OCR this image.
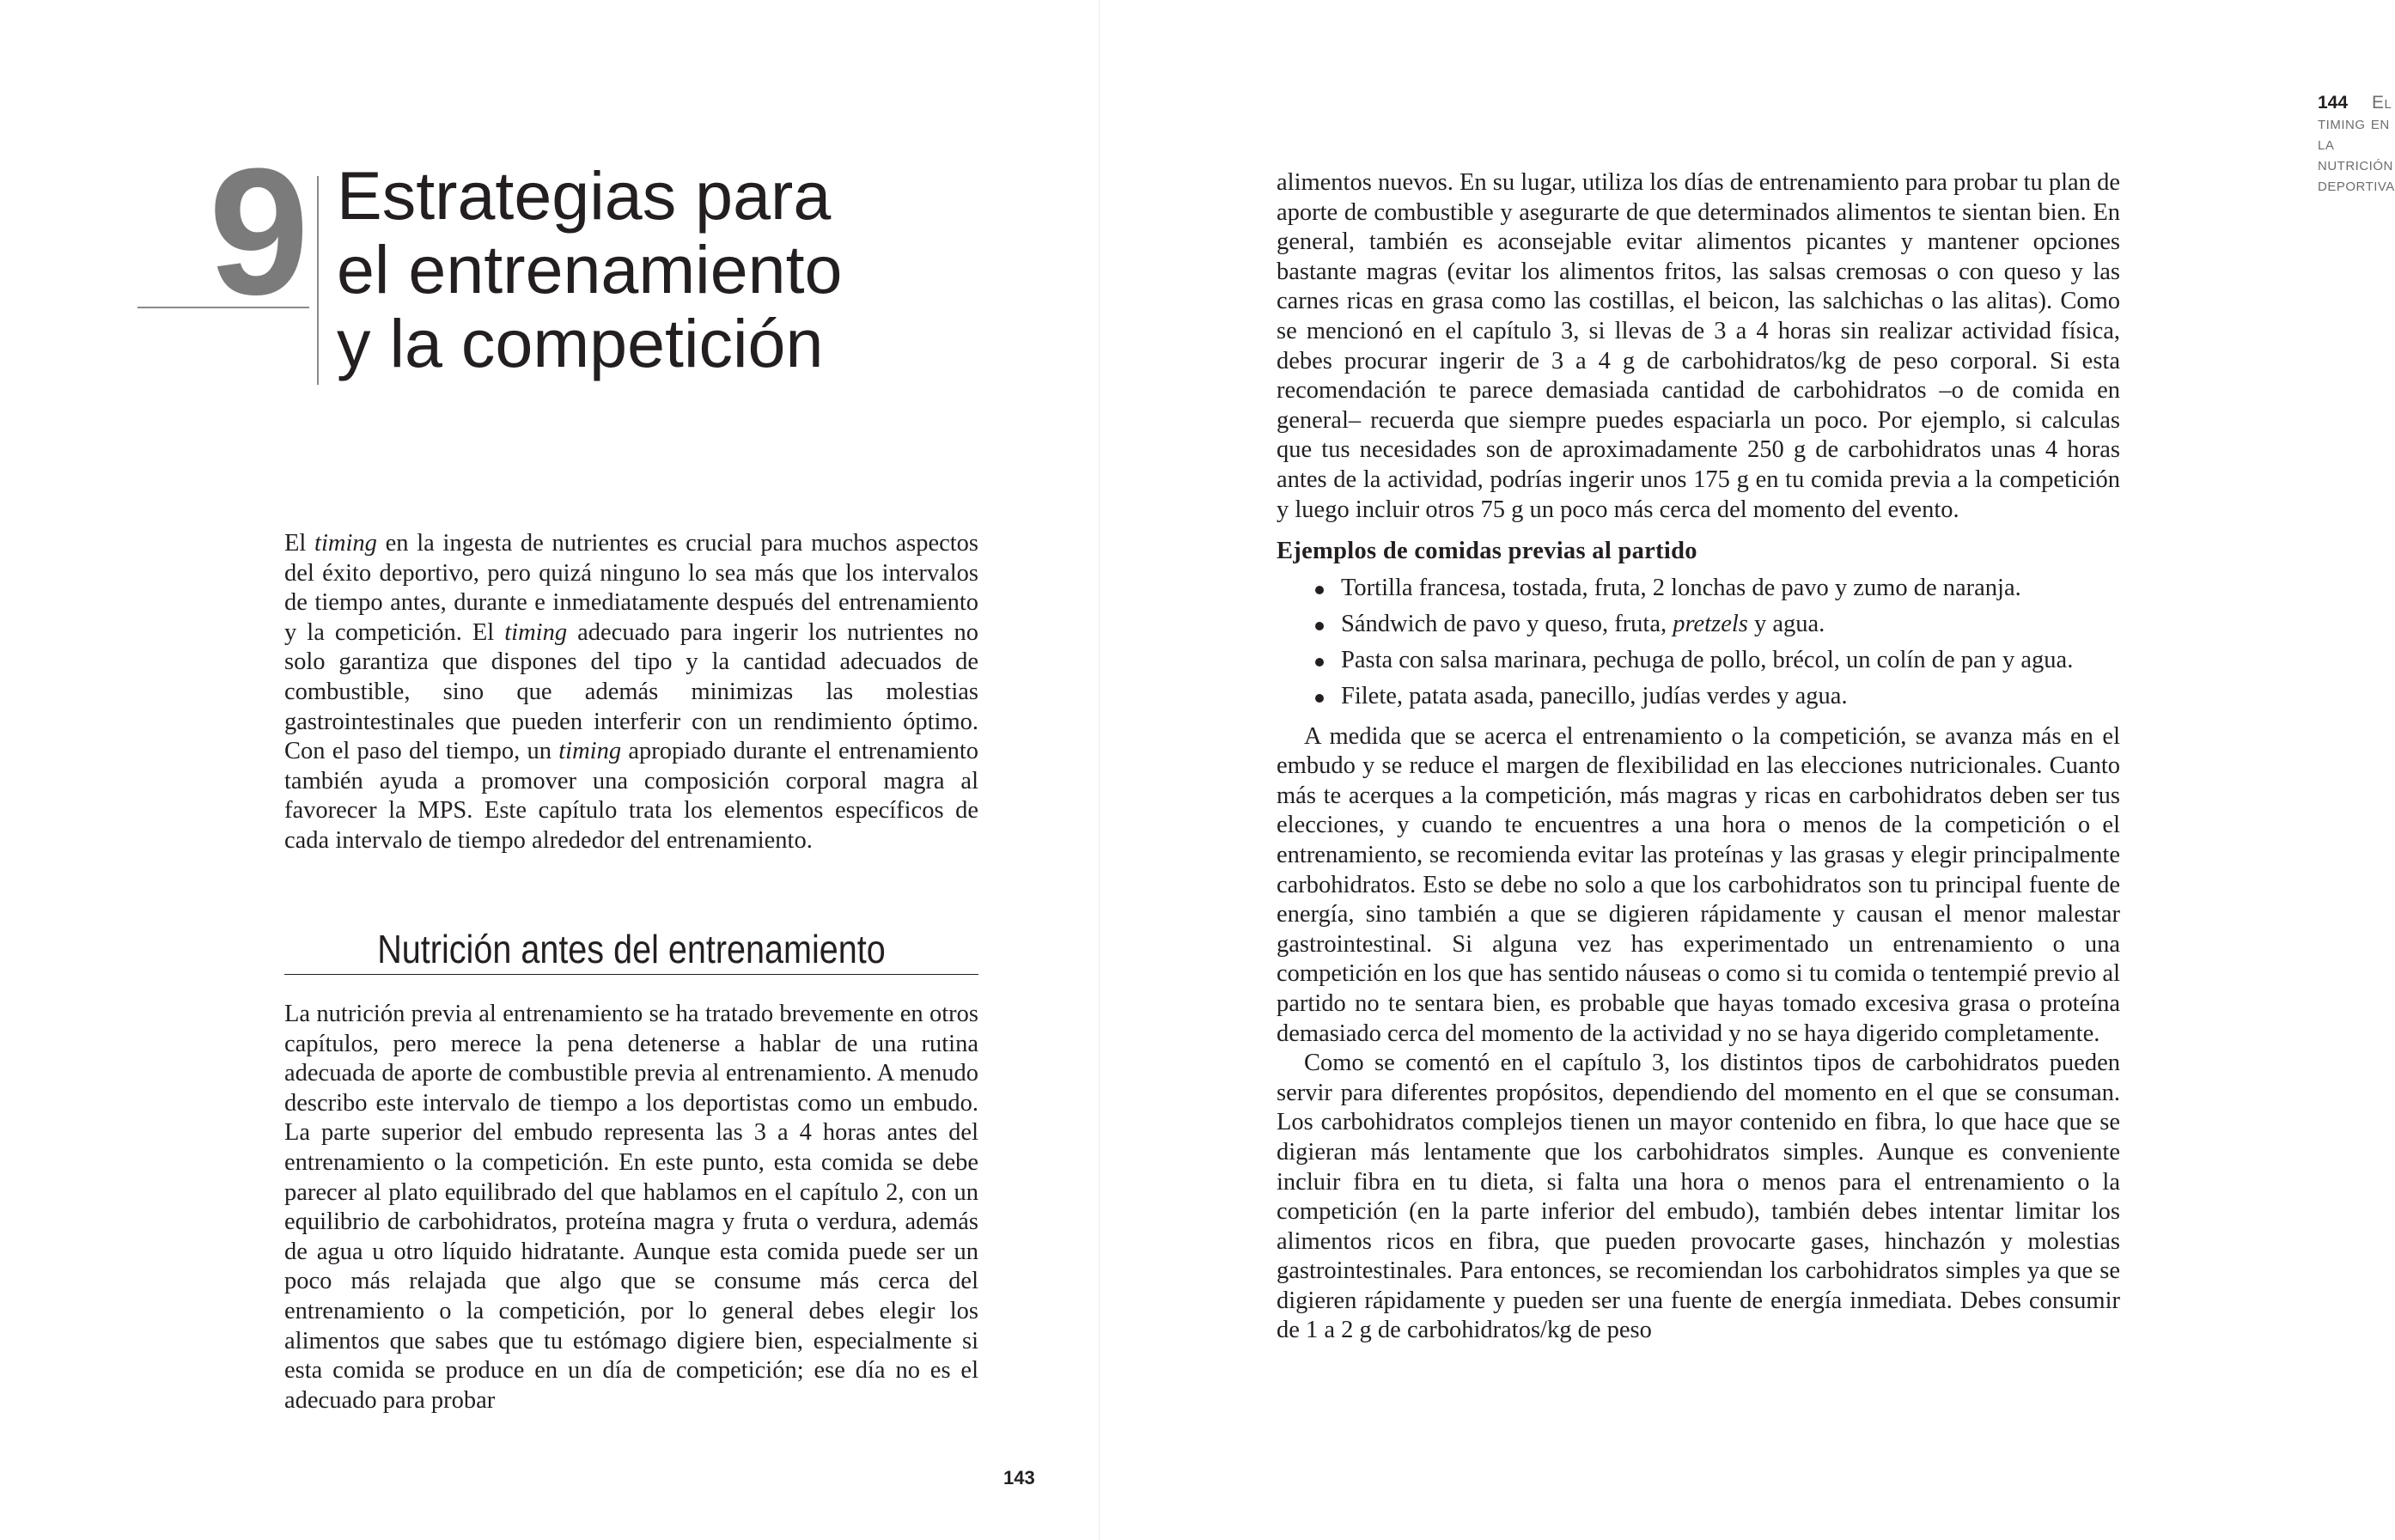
9 Estrategias para
el entrenamiento
y la competición

El timing en la ingesta de nutrientes es crucial para muchos aspectos del éxito deportivo, pero quizá ninguno lo sea más que los intervalos de tiempo antes, durante e inmediatamente después del entrenamiento y la competición. El timing adecuado para ingerir los nutrientes no solo garantiza que dispones del tipo y la cantidad adecuados de combustible, sino que además minimizas las molestias gastrointestinales que pueden interferir con un rendimiento óptimo. Con el paso del tiempo, un timing apropiado durante el entrenamiento también ayuda a promover una composición corporal magra al favorecer la MPS. Este capítulo trata los elementos específicos de cada intervalo de tiempo alrededor del entrenamiento.

Nutrición antes del entrenamiento

La nutrición previa al entrenamiento se ha tratado brevemente en otros capítulos, pero merece la pena detenerse a hablar de una rutina adecuada de aporte de combustible previa al entrenamiento. A menudo describo este intervalo de tiempo a los deportistas como un embudo. La parte superior del embudo representa las 3 a 4 horas antes del entrenamiento o la competición. En este punto, esta comida se debe parecer al plato equilibrado del que hablamos en el capítulo 2, con un equilibrio de carbohidratos, proteína magra y fruta o verdura, además de agua u otro líquido hidratante. Aunque esta comida puede ser un poco más relajada que algo que se consume más cerca del entrenamiento o la competición, por lo general debes elegir los alimentos que sabes que tu estómago digiere bien, especialmente si esta comida se produce en un día de competición; ese día no es el adecuado para probar

143
144 El timing en la nutrición deportiva

alimentos nuevos. En su lugar, utiliza los días de entrenamiento para probar tu plan de aporte de combustible y asegurarte de que determinados alimentos te sientan bien. En general, también es aconsejable evitar alimentos picantes y mantener opciones bastante magras (evitar los alimentos fritos, las salsas cremosas o con queso y las carnes ricas en grasa como las costillas, el beicon, las salchichas o las alitas). Como se mencionó en el capítulo 3, si llevas de 3 a 4 horas sin realizar actividad física, debes procurar ingerir de 3 a 4 g de carbohidratos/kg de peso corporal. Si esta recomendación te parece demasiada cantidad de carbohidratos –o de comida en general– recuerda que siempre puedes espaciarla un poco. Por ejemplo, si calculas que tus necesidades son de aproximadamente 250 g de carbohidratos unas 4 horas antes de la actividad, podrías ingerir unos 175 g en tu comida previa a la competición y luego incluir otros 75 g un poco más cerca del momento del evento.

Ejemplos de comidas previas al partido
Tortilla francesa, tostada, fruta, 2 lonchas de pavo y zumo de naranja.
Sándwich de pavo y queso, fruta, pretzels y agua.
Pasta con salsa marinara, pechuga de pollo, brécol, un colín de pan y agua.
Filete, patata asada, panecillo, judías verdes y agua.

A medida que se acerca el entrenamiento o la competición, se avanza más en el embudo y se reduce el margen de flexibilidad en las elecciones nutricionales. Cuanto más te acerques a la competición, más magras y ricas en carbohidratos deben ser tus elecciones, y cuando te encuentres a una hora o menos de la competición o el entrenamiento, se recomienda evitar las proteínas y las grasas y elegir principalmente carbohidratos. Esto se debe no solo a que los carbohidratos son tu principal fuente de energía, sino también a que se digieren rápidamente y causan el menor malestar gastrointestinal. Si alguna vez has experimentado un entrenamiento o una competición en los que has sentido náuseas o como si tu comida o tentempié previo al partido no te sentara bien, es probable que hayas tomado excesiva grasa o proteína demasiado cerca del momento de la actividad y no se haya digerido completamente.

Como se comentó en el capítulo 3, los distintos tipos de carbohidratos pueden servir para diferentes propósitos, dependiendo del momento en el que se consuman. Los carbohidratos complejos tienen un mayor contenido en fibra, lo que hace que se digieran más lentamente que los carbohidratos simples. Aunque es conveniente incluir fibra en tu dieta, si falta una hora o menos para el entrenamiento o la competición (en la parte inferior del embudo), también debes intentar limitar los alimentos ricos en fibra, que pueden provocarte gases, hinchazón y molestias gastrointestinales. Para entonces, se recomiendan los carbohidratos simples ya que se digieren rápidamente y pueden ser una fuente de energía inmediata. Debes consumir de 1 a 2 g de carbohidratos/kg de peso
